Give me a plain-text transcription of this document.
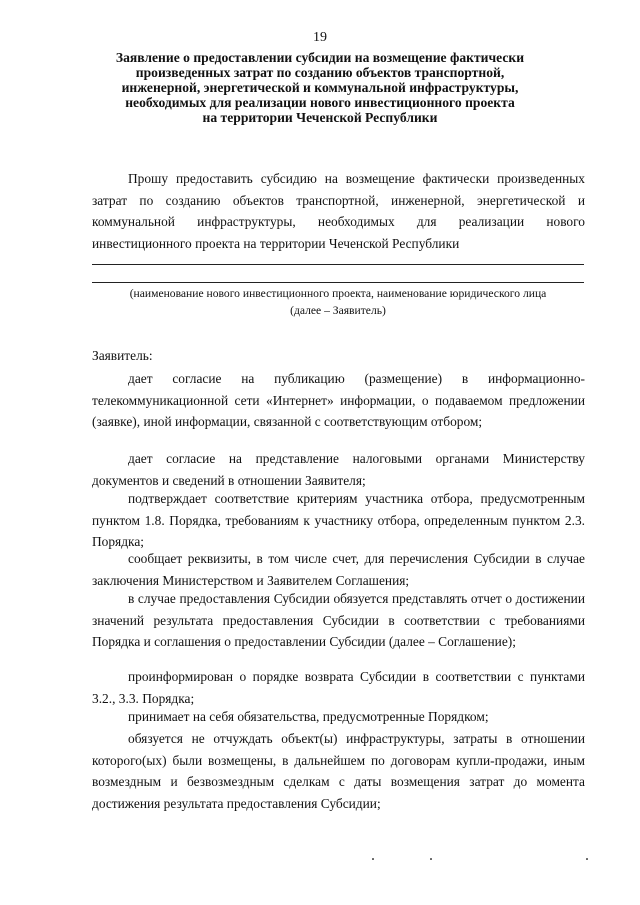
19
Заявление о предоставлении субсидии на возмещение фактически
произведенных затрат по созданию объектов транспортной,
инженерной, энергетической и коммунальной инфраструктуры,
необходимых для реализации нового инвестиционного проекта
на территории Чеченской Республики
Прошу предоставить субсидию на возмещение фактически произведенных затрат по созданию объектов транспортной, инженерной, энергетической и коммунальной инфраструктуры, необходимых для реализации нового инвестиционного проекта на территории Чеченской Республики
(наименование нового инвестиционного проекта, наименование юридического лица
(далее – Заявитель)
Заявитель:
дает согласие на публикацию (размещение) в информационно-телекоммуникационной сети «Интернет» информации, о подаваемом предложении (заявке), иной информации, связанной с соответствующим отбором;
дает согласие на представление налоговыми органами Министерству документов и сведений в отношении Заявителя;
подтверждает соответствие критериям участника отбора, предусмотренным пунктом 1.8. Порядка, требованиям к участнику отбора, определенным пунктом 2.3. Порядка;
сообщает реквизиты, в том числе счет, для перечисления Субсидии в случае заключения Министерством и Заявителем Соглашения;
в случае предоставления Субсидии обязуется представлять отчет о достижении значений результата предоставления Субсидии в соответствии с требованиями Порядка и соглашения о предоставлении Субсидии (далее – Соглашение);
проинформирован о порядке возврата Субсидии в соответствии с пунктами 3.2., 3.3. Порядка;
принимает на себя обязательства, предусмотренные Порядком;
обязуется не отчуждать объект(ы) инфраструктуры, затраты в отношении которого(ых) были возмещены, в дальнейшем по договорам купли-продажи, иным возмездным и безвозмездным сделкам с даты возмещения затрат до момента достижения результата предоставления Субсидии;
